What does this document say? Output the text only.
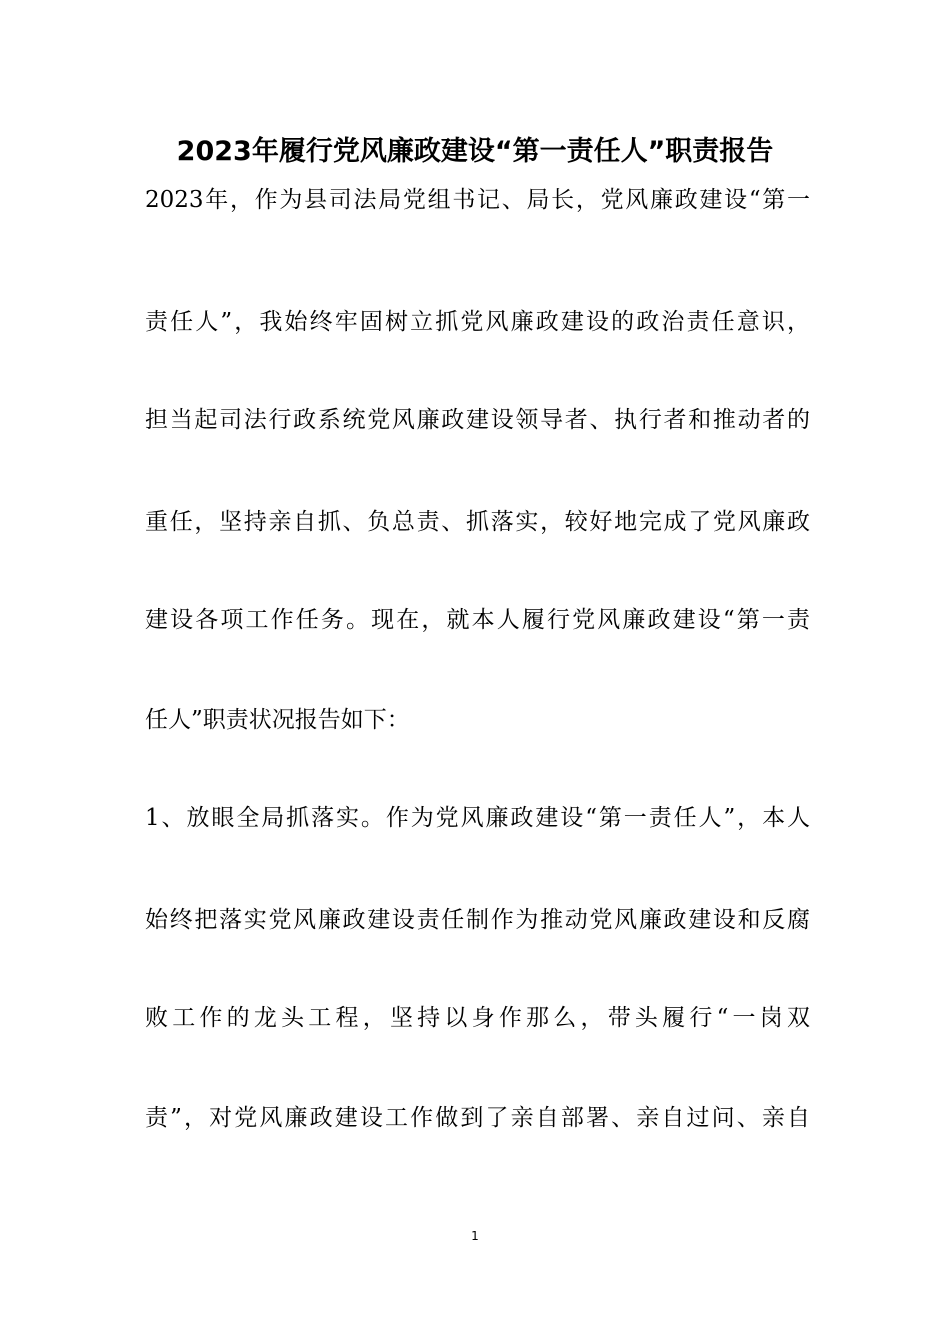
2023年履行党风廉政建设“第一责任人”职责报告
2023年，作为县司法局党组书记、局长，党风廉政建设“第一
责任人”，我始终牢固树立抓党风廉政建设的政治责任意识，
担当起司法行政系统党风廉政建设领导者、执行者和推动者的
重任，坚持亲自抓、负总责、抓落实，较好地完成了党风廉政
建设各项工作任务。现在，就本人履行党风廉政建设“第一责
任人”职责状况报告如下：
1、放眼全局抓落实。作为党风廉政建设“第一责任人”，本人
始终把落实党风廉政建设责任制作为推动党风廉政建设和反腐
败工作的龙头工程，坚持以身作那么，带头履行“一岗双
责”，对党风廉政建设工作做到了亲自部署、亲自过问、亲自
1
